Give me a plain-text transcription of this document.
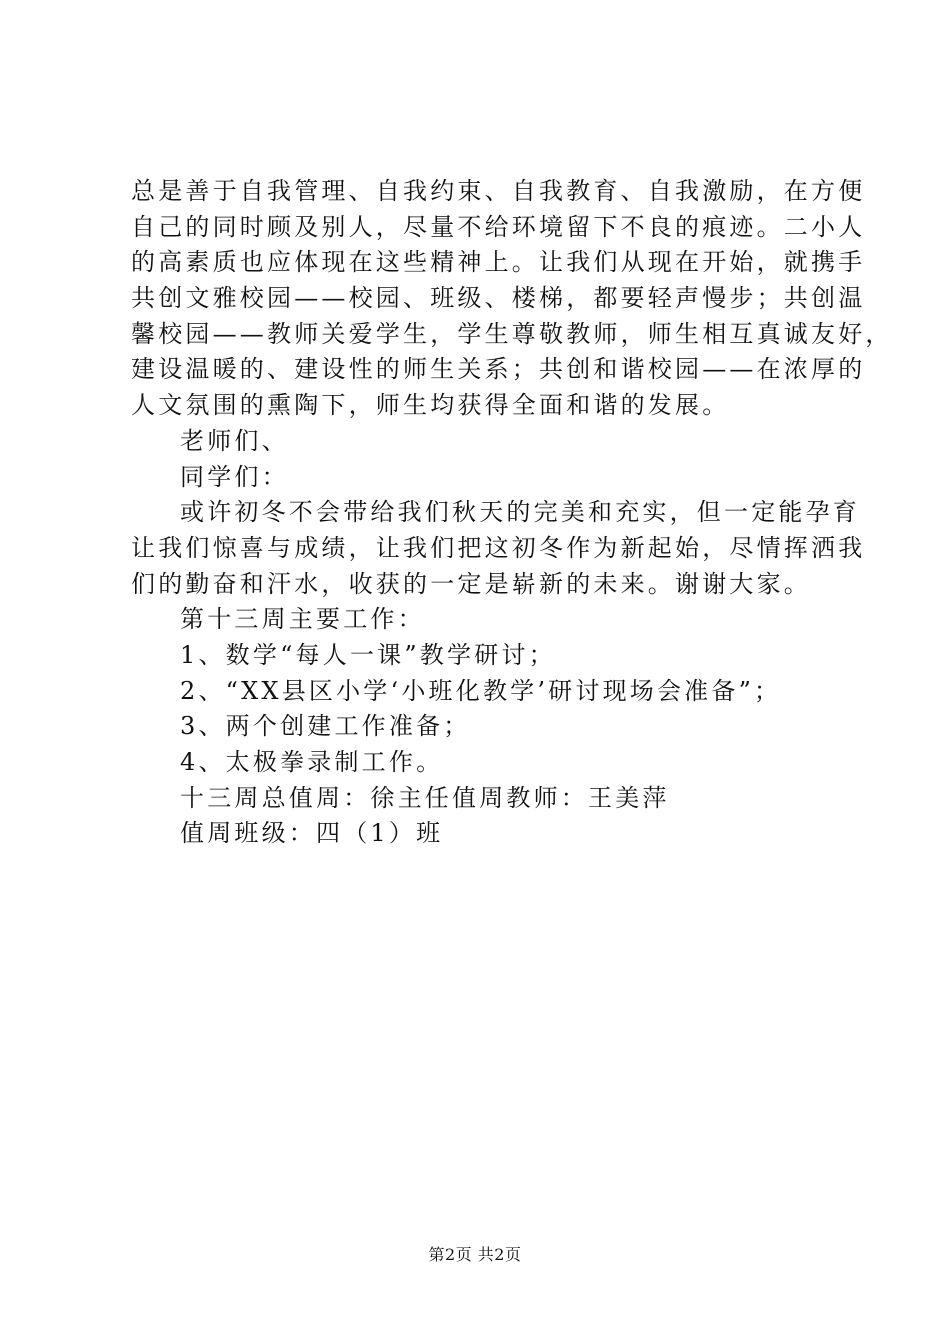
总是善于自我管理、自我约束、自我教育、自我激励，在方便
自己的同时顾及别人，尽量不给环境留下不良的痕迹。二小人
的高素质也应体现在这些精神上。让我们从现在开始，就携手
共创文雅校园——校园、班级、楼梯，都要轻声慢步；共创温
馨校园——教师关爱学生，学生尊敬教师，师生相互真诚友好，
建设温暖的、建设性的师生关系；共创和谐校园——在浓厚的
人文氛围的熏陶下，师生均获得全面和谐的发展。
老师们、
同学们：
或许初冬不会带给我们秋天的完美和充实，但一定能孕育
让我们惊喜与成绩，让我们把这初冬作为新起始，尽情挥洒我
们的勤奋和汗水，收获的一定是崭新的未来。谢谢大家。
第十三周主要工作：
1、数学“每人一课”教学研讨；
2、“XX县区小学‘小班化教学’研讨现场会准备”；
3、两个创建工作准备；
4、太极拳录制工作。
十三周总值周：徐主任值周教师：王美萍
值周班级：四（1）班
第2页 共2页
